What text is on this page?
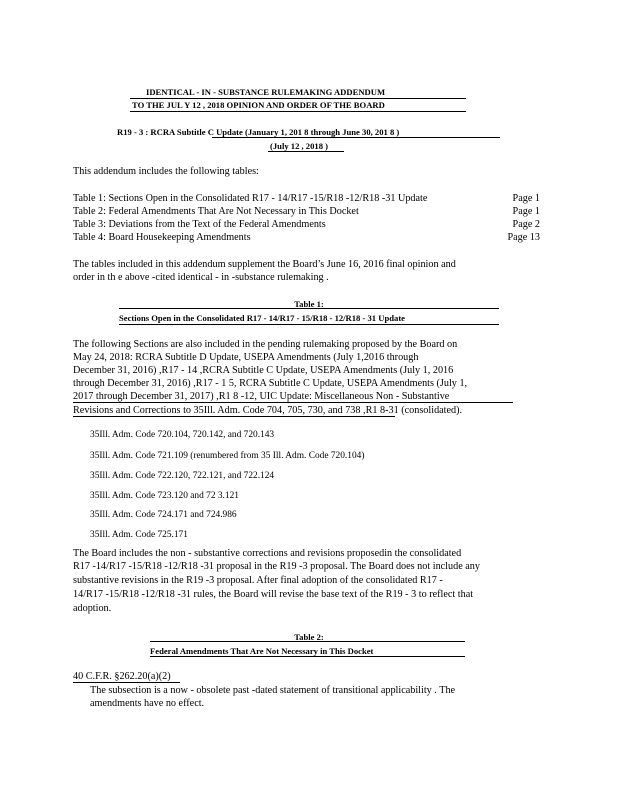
IDENTICAL - IN - SUBSTANCE RULEMAKING ADDENDUM

TO THE JUL Y 12 , 2018 OPINION AND ORDER OF THE BOARD

R19 - 3 : RCRA Subtitle C Update (January 1, 201 8 through June 30, 201 8 )

(July 12 , 2018 )

This addendum includes the following tables:

Table 1: Sections Open in the Consolidated R17 - 14/R17 -15/R18 -12/R18 -31 Update	Page 1

Table 2: Federal Amendments That Are Not Necessary in This Docket	Page 1

Table 3: Deviations from the Text of the Federal Amendments	Page 2

Table 4: Board Housekeeping Amendments	Page 13

The tables included in this addendum supplement the Board’s June 16, 2016 final opinion and

order in th e above -cited identical - in -substance rulemaking .

Table 1:

Sections Open in the Consolidated R17 - 14/R17 - 15/R18 - 12/R18 - 31 Update

The following Sections are also included in the pending rulemaking proposed by the Board on

May 24, 2018: RCRA Subtitle D Update, USEPA Amendments (July 1,2016 through

December 31, 2016) ,R17 - 14 ,RCRA Subtitle C Update, USEPA Amendments (July 1, 2016

through December 31, 2016) ,R17 - 1 5, RCRA Subtitle C Update, USEPA Amendments (July 1,

2017 through December 31, 2017) ,R1 8 -12, UIC Update: Miscellaneous Non - Substantive

Revisions and Corrections to 35Ill. Adm. Code 704, 705, 730, and 738 ,R1 8-31 (consolidated).

35Ill. Adm. Code 720.104, 720.142, and 720.143

35Ill. Adm. Code 721.109 (renumbered from 35 Ill. Adm. Code 720.104)

35Ill. Adm. Code 722.120, 722.121, and 722.124

35Ill. Adm. Code 723.120 and 72 3.121

35Ill. Adm. Code 724.171 and 724.986

35Ill. Adm. Code 725.171

The Board includes the non - substantive corrections and revisions proposedin the consolidated

R17 -14/R17 -15/R18 -12/R18 -31 proposal in the R19 -3 proposal. The Board does not include any

substantive revisions in the R19 -3 proposal. After final adoption of the consolidated R17 -

14/R17 -15/R18 -12/R18 -31 rules, the Board will revise the base text of the R19 - 3 to reflect that

adoption.

Table 2:

Federal Amendments That Are Not Necessary in This Docket

40 C.F.R. §262.20(a)(2)

The subsection is a now - obsolete past -dated statement of transitional applicability . The

amendments have no effect.
